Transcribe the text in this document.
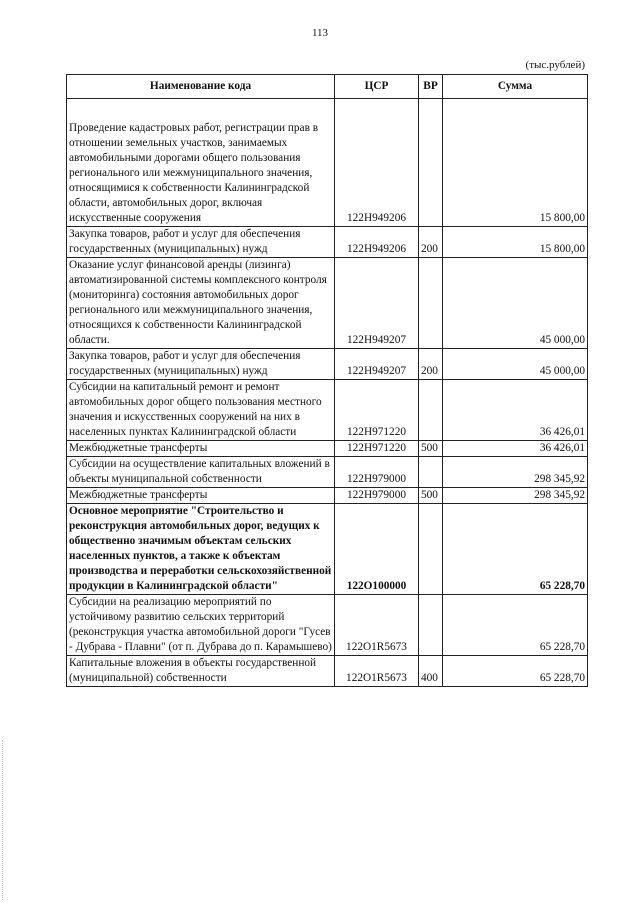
113
(тыс.рублей)
Наименование кода	ЦСР	ВР	Сумма

Проведение кадастровых работ, регистрации прав в отношении земельных участков, занимаемых автомобильными дорогами общего пользования регионального или межмуниципального значения, относящимися к собственности Калининградской области, автомобильных дорог, включая искусственные сооружения	122H949206		15 800,00
Закупка товаров, работ и услуг для обеспечения государственных (муниципальных) нужд	122H949206	200	15 800,00
Оказание услуг финансовой аренды (лизинга) автоматизированной системы комплексного контроля (мониторинга) состояния автомобильных дорог регионального или межмуниципального значения, относящихся к собственности Калининградской области.	122H949207		45 000,00
Закупка товаров, работ и услуг для обеспечения государственных (муниципальных) нужд	122H949207	200	45 000,00
Субсидии на капитальный ремонт и ремонт автомобильных дорог общего пользования местного значения и искусственных сооружений на них в населенных пунктах Калининградской области	122H971220		36 426,01
Межбюджетные трансферты	122H971220	500	36 426,01
Субсидии на осуществление капитальных вложений в объекты муниципальной собственности	122H979000		298 345,92
Межбюджетные трансферты	122H979000	500	298 345,92
Основное мероприятие "Строительство и реконструкция автомобильных дорог, ведущих к общественно значимым объектам сельских населенных пунктов, а также к объектам производства и переработки сельскохозяйственной продукции в Калининградской области"	122O100000		65 228,70
Субсидии на реализацию мероприятий по устойчивому развитию сельских территорий (реконструкция участка автомобильной дороги "Гусев - Дубрава - Плавни" (от п. Дубрава до п. Карамышево)	122O1R5673		65 228,70
Капитальные вложения в объекты государственной (муниципальной) собственности	122O1R5673	400	65 228,70
